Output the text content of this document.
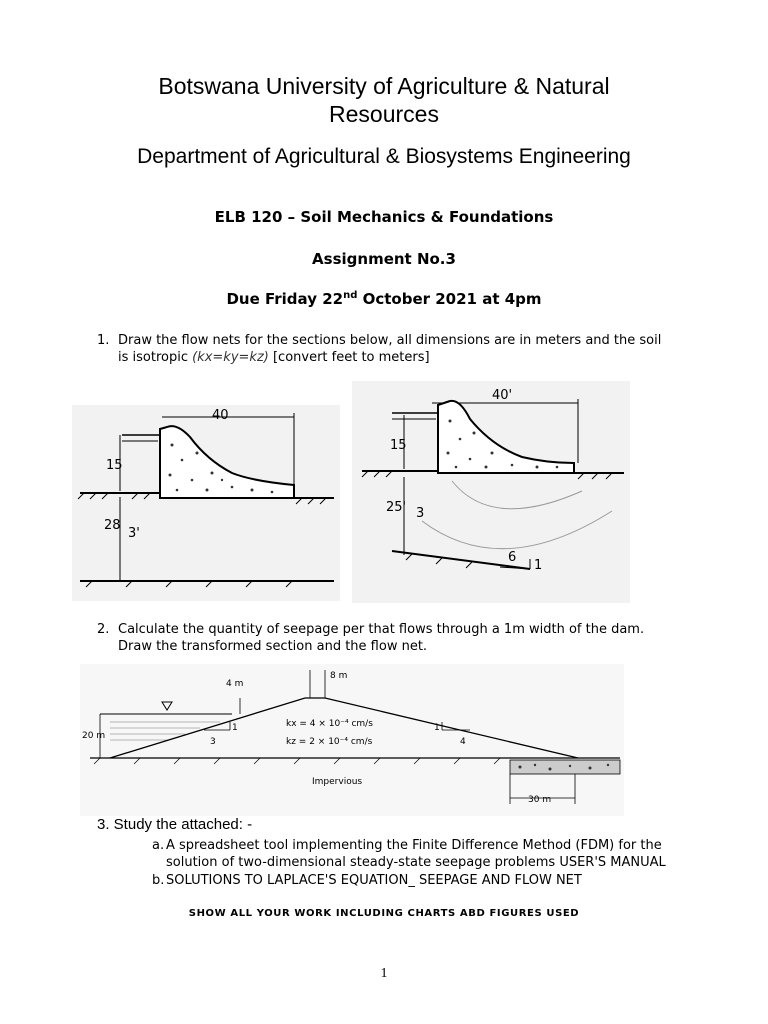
Botswana University of Agriculture & Natural
Resources
Department of Agricultural & Biosystems Engineering
ELB 120 – Soil Mechanics & Foundations
Assignment No.3
Due Friday 22nd October 2021 at 4pm
1. Draw the flow nets for the sections below, all dimensions are in meters and the soil
is isotropic (kx=ky=kz) [convert feet to meters]
40
15
28
3'
40'
15
25' 3
6
1
2. Calculate the quantity of seepage per that flows through a 1m width of the dam.
Draw the transformed section and the flow net.
8 m
4 m
20 m
kx = 4 × 10⁻⁴ cm/s
kz = 2 × 10⁻⁴ cm/s
3
1
4
1
Impervious
30 m
3. Study the attached: -
a. A spreadsheet tool implementing the Finite Difference Method (FDM) for the
solution of two-dimensional steady-state seepage problems USER'S MANUAL
b. SOLUTIONS TO LAPLACE'S EQUATION_ SEEPAGE AND FLOW NET
SHOW ALL YOUR WORK INCLUDING CHARTS ABD FIGURES USED
1
